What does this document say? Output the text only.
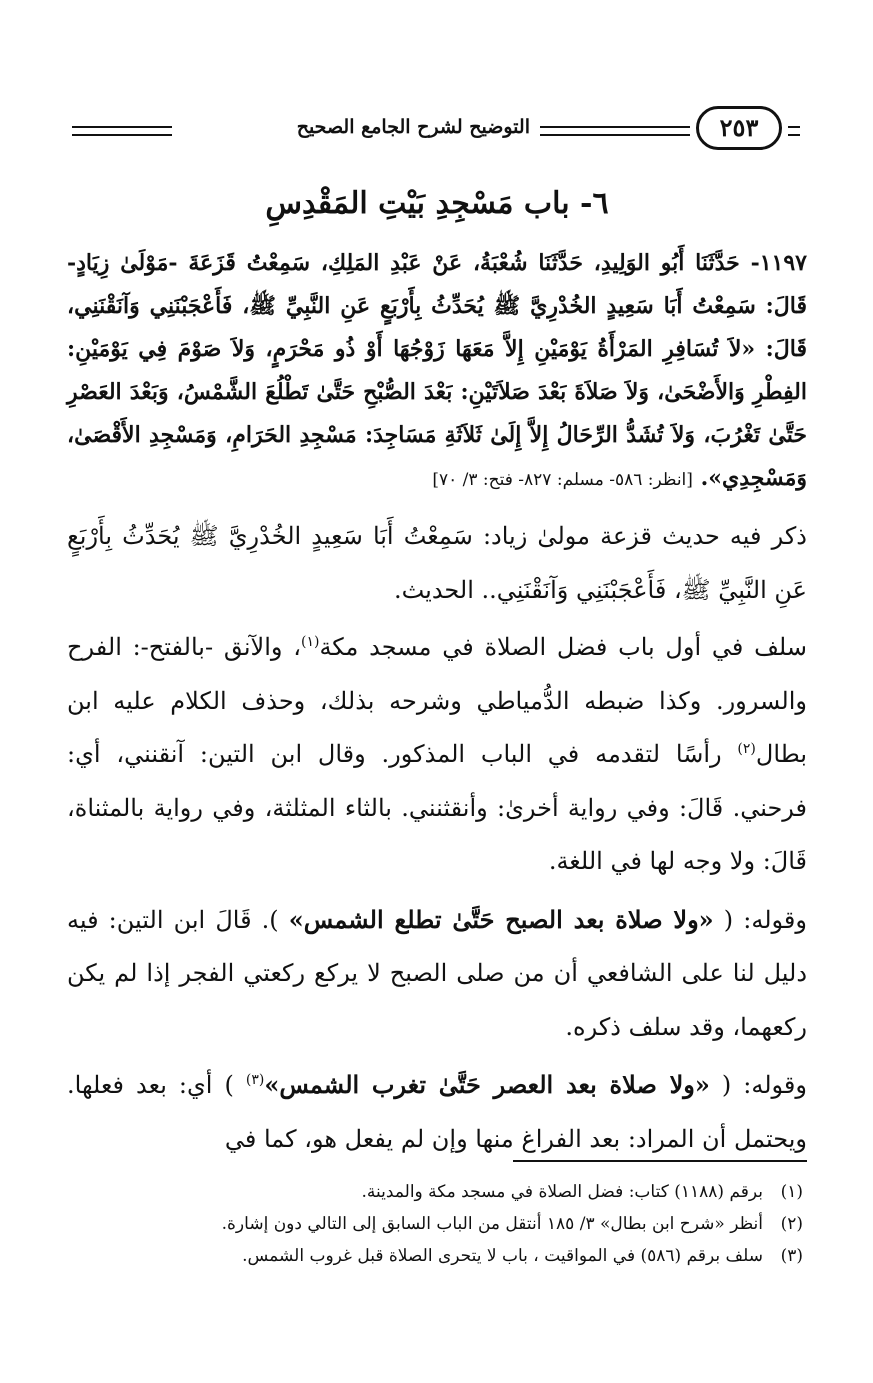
٢٥٣
التوضيح لشرح الجامع الصحيح
٦- باب مَسْجِدِ بَيْتِ المَقْدِسِ

١١٩٧- حَدَّثَنَا أَبُو الوَلِيدِ، حَدَّثَنَا شُعْبَةُ، عَنْ عَبْدِ المَلِكِ، سَمِعْتُ قَزَعَةَ -مَوْلَىٰ زِيَادٍ- قَالَ: سَمِعْتُ أَبَا سَعِيدٍ الخُدْرِيَّ ﷺ يُحَدِّثُ بِأَرْبَعٍ عَنِ النَّبِيِّ ﷺ، فَأَعْجَبْنَنِي وَآنَقْنَنِي، قَالَ: «لاَ تُسَافِرِ المَرْأَةُ يَوْمَيْنِ إِلاَّ مَعَهَا زَوْجُهَا أَوْ ذُو مَحْرَمٍ، وَلاَ صَوْمَ فِي يَوْمَيْنِ: الفِطْرِ وَالأَضْحَىٰ، وَلاَ صَلاَةَ بَعْدَ صَلاَتَيْنِ: بَعْدَ الصُّبْحِ حَتَّىٰ تَطْلُعَ الشَّمْسُ، وَبَعْدَ العَصْرِ حَتَّىٰ تَغْرُبَ، وَلاَ تُشَدُّ الرِّحَالُ إِلاَّ إِلَىٰ ثَلاَثَةِ مَسَاجِدَ: مَسْجِدِ الحَرَامِ، وَمَسْجِدِ الأَقْصَىٰ، وَمَسْجِدِي». [انظر: ٥٨٦- مسلم: ٨٢٧- فتح: ٣/ ٧٠]

ذكر فيه حديث قزعة مولىٰ زياد: سَمِعْتُ أَبَا سَعِيدٍ الخُدْرِيَّ ﷺ يُحَدِّثُ بِأَرْبَعٍ عَنِ النَّبِيِّ ﷺ، فَأَعْجَبْنَنِي وَآنَقْنَنِي.. الحديث.

سلف في أول باب فضل الصلاة في مسجد مكة$^{(١)}$، والآنق -بالفتح-: الفرح والسرور. وكذا ضبطه الدُّمياطي وشرحه بذلك، وحذف الكلام عليه ابن بطال$^{(٢)}$ رأسًا لتقدمه في الباب المذكور. وقال ابن التين: آنقنني، أي: فرحني. قَالَ: وفي رواية أخرىٰ: وأنقثنني. بالثاء المثلثة، وفي رواية بالمثناة، قَالَ: ولا وجه لها في اللغة.

وقوله: ( «ولا صلاة بعد الصبح حَتَّىٰ تطلع الشمس» ). قَالَ ابن التين: فيه دليل لنا على الشافعي أن من صلى الصبح لا يركع ركعتي الفجر إذا لم يكن ركعهما، وقد سلف ذكره.

وقوله: ( «ولا صلاة بعد العصر حَتَّىٰ تغرب الشمس»$^{(٣)}$ ) أي: بعد فعلها. ويحتمل أن المراد: بعد الفراغ منها وإن لم يفعل هو، كما في

(١)برقم (١١٨٨) كتاب: فضل الصلاة في مسجد مكة والمدينة.
(٢)أنظر «شرح ابن بطال» ٣/ ١٨٥ أنتقل من الباب السابق إلى التالي دون إشارة.
(٣)سلف برقم (٥٨٦) في المواقيت ، باب لا يتحرى الصلاة قبل غروب الشمس.
